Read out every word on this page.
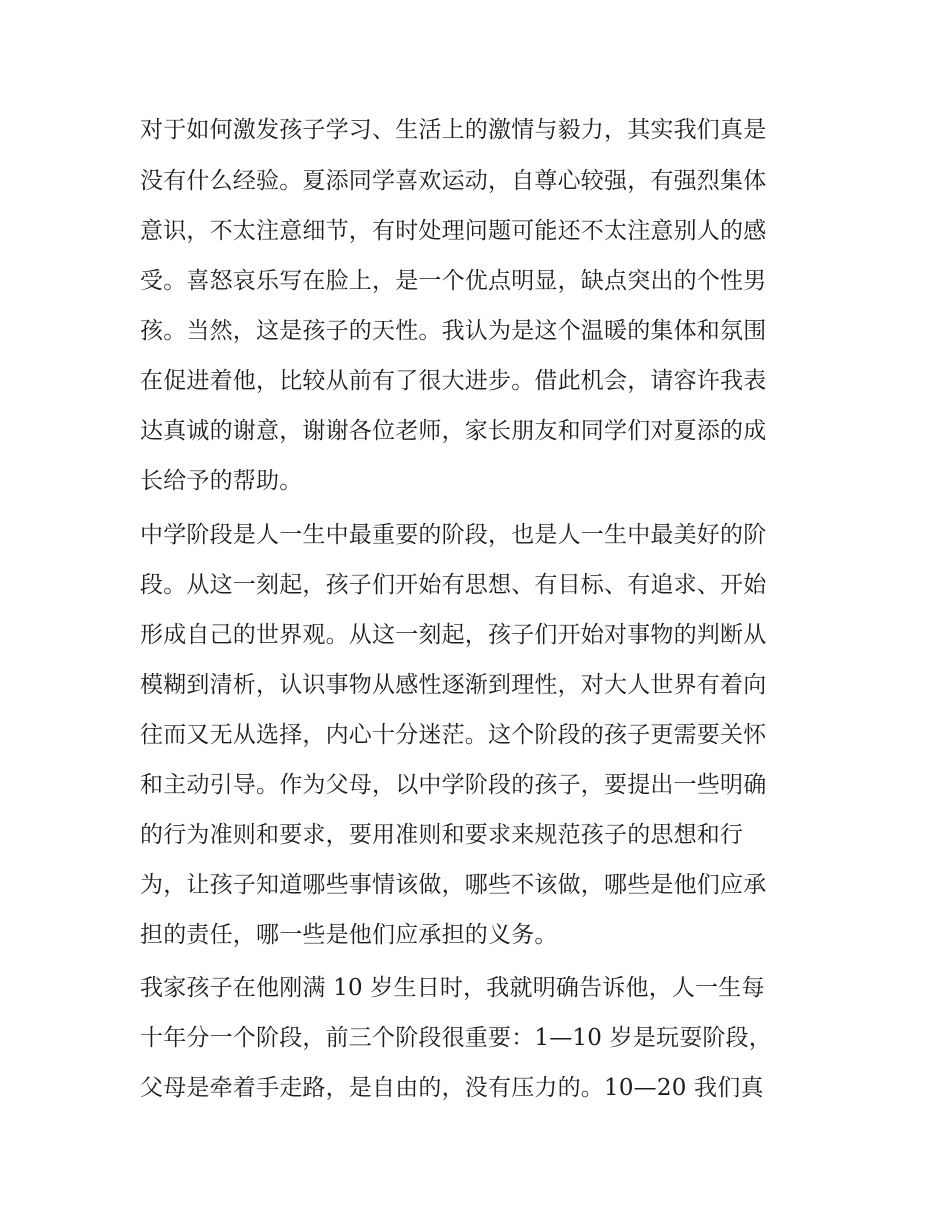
对于如何激发孩子学习、生活上的激情与毅力，其实我们真是
没有什么经验。夏添同学喜欢运动，自尊心较强，有强烈集体
意识，不太注意细节，有时处理问题可能还不太注意别人的感
受。喜怒哀乐写在脸上，是一个优点明显，缺点突出的个性男
孩。当然，这是孩子的天性。我认为是这个温暖的集体和氛围
在促进着他，比较从前有了很大进步。借此机会，请容许我表
达真诚的谢意，谢谢各位老师，家长朋友和同学们对夏添的成
长给予的帮助。
中学阶段是人一生中最重要的阶段，也是人一生中最美好的阶
段。从这一刻起，孩子们开始有思想、有目标、有追求、开始
形成自己的世界观。从这一刻起，孩子们开始对事物的判断从
模糊到清析，认识事物从感性逐渐到理性，对大人世界有着向
往而又无从选择，内心十分迷茫。这个阶段的孩子更需要关怀
和主动引导。作为父母，以中学阶段的孩子，要提出一些明确
的行为准则和要求，要用准则和要求来规范孩子的思想和行
为，让孩子知道哪些事情该做，哪些不该做，哪些是他们应承
担的责任，哪一些是他们应承担的义务。
我家孩子在他刚满 10 岁生日时，我就明确告诉他，人一生每
十年分一个阶段，前三个阶段很重要：1—10 岁是玩耍阶段，
父母是牵着手走路，是自由的，没有压力的。10—20 我们真
